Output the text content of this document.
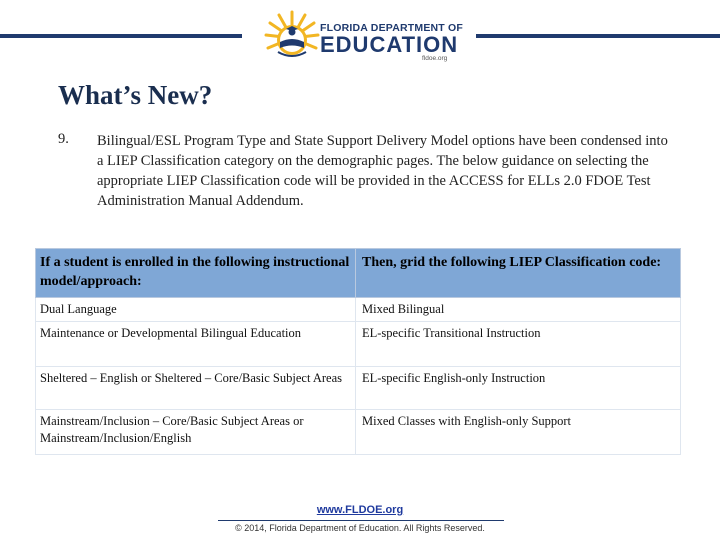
FLORIDA DEPARTMENT OF
EDUCATION
fldoe.org
What’s New?
9. Bilingual/ESL Program Type and State Support Delivery Model options have been condensed into a LIEP Classification category on the demographic pages. The below guidance on selecting the appropriate LIEP Classification code will be provided in the ACCESS for ELLs 2.0 FDOE Test Administration Manual Addendum.

If a student is enrolled in the following instructional model/approach:	Then, grid the following LIEP Classification code:
Dual Language	Mixed Bilingual
Maintenance or Developmental Bilingual Education	EL-specific Transitional Instruction
Sheltered – English or Sheltered – Core/Basic Subject Areas	EL-specific English-only Instruction
Mainstream/Inclusion – Core/Basic Subject Areas or Mainstream/Inclusion/English	Mixed Classes with English-only Support
www.FLDOE.org
© 2014, Florida Department of Education. All Rights Reserved.
